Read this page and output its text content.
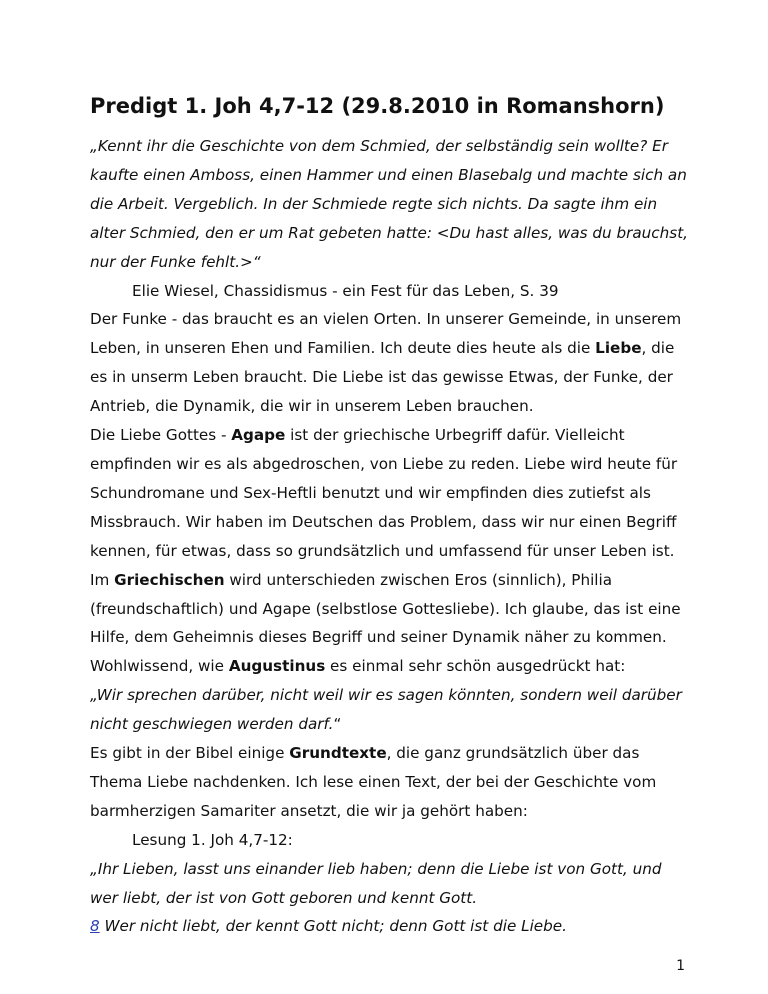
Predigt 1. Joh 4,7-12 (29.8.2010 in Romanshorn)

„Kennt ihr die Geschichte von dem Schmied, der selbständig sein wollte? Er kaufte einen Amboss, einen Hammer und einen Blasebalg und machte sich an die Arbeit. Vergeblich. In der Schmiede regte sich nichts. Da sagte ihm ein alter Schmied, den er um Rat gebeten hatte: <Du hast alles, was du brauchst, nur der Funke fehlt.>“

Elie Wiesel, Chassidismus - ein Fest für das Leben, S. 39

Der Funke - das braucht es an vielen Orten. In unserer Gemeinde, in unserem Leben, in unseren Ehen und Familien. Ich deute dies heute als die Liebe, die es in unserm Leben braucht. Die Liebe ist das gewisse Etwas, der Funke, der Antrieb, die Dynamik, die wir in unserem Leben brauchen.

Die Liebe Gottes - Agape ist der griechische Urbegriff dafür. Vielleicht empfinden wir es als abgedroschen, von Liebe zu reden. Liebe wird heute für Schundromane und Sex-Heftli benutzt und wir empfinden dies zutiefst als Missbrauch. Wir haben im Deutschen das Problem, dass wir nur einen Begriff kennen, für etwas, dass so grundsätzlich und umfassend für unser Leben ist. Im Griechischen wird unterschieden zwischen Eros (sinnlich), Philia (freundschaftlich) und Agape (selbstlose Gottesliebe). Ich glaube, das ist eine Hilfe, dem Geheimnis dieses Begriff und seiner Dynamik näher zu kommen. Wohlwissend, wie Augustinus es einmal sehr schön ausgedrückt hat:

„Wir sprechen darüber, nicht weil wir es sagen könnten, sondern weil darüber nicht geschwiegen werden darf.“

Es gibt in der Bibel einige Grundtexte, die ganz grundsätzlich über das Thema Liebe nachdenken. Ich lese einen Text, der bei der Geschichte vom barmherzigen Samariter ansetzt, die wir ja gehört haben:

Lesung 1. Joh 4,7-12:

„Ihr Lieben, lasst uns einander lieb haben; denn die Liebe ist von Gott, und wer liebt, der ist von Gott geboren und kennt Gott.

8 Wer nicht liebt, der kennt Gott nicht; denn Gott ist die Liebe.

1
